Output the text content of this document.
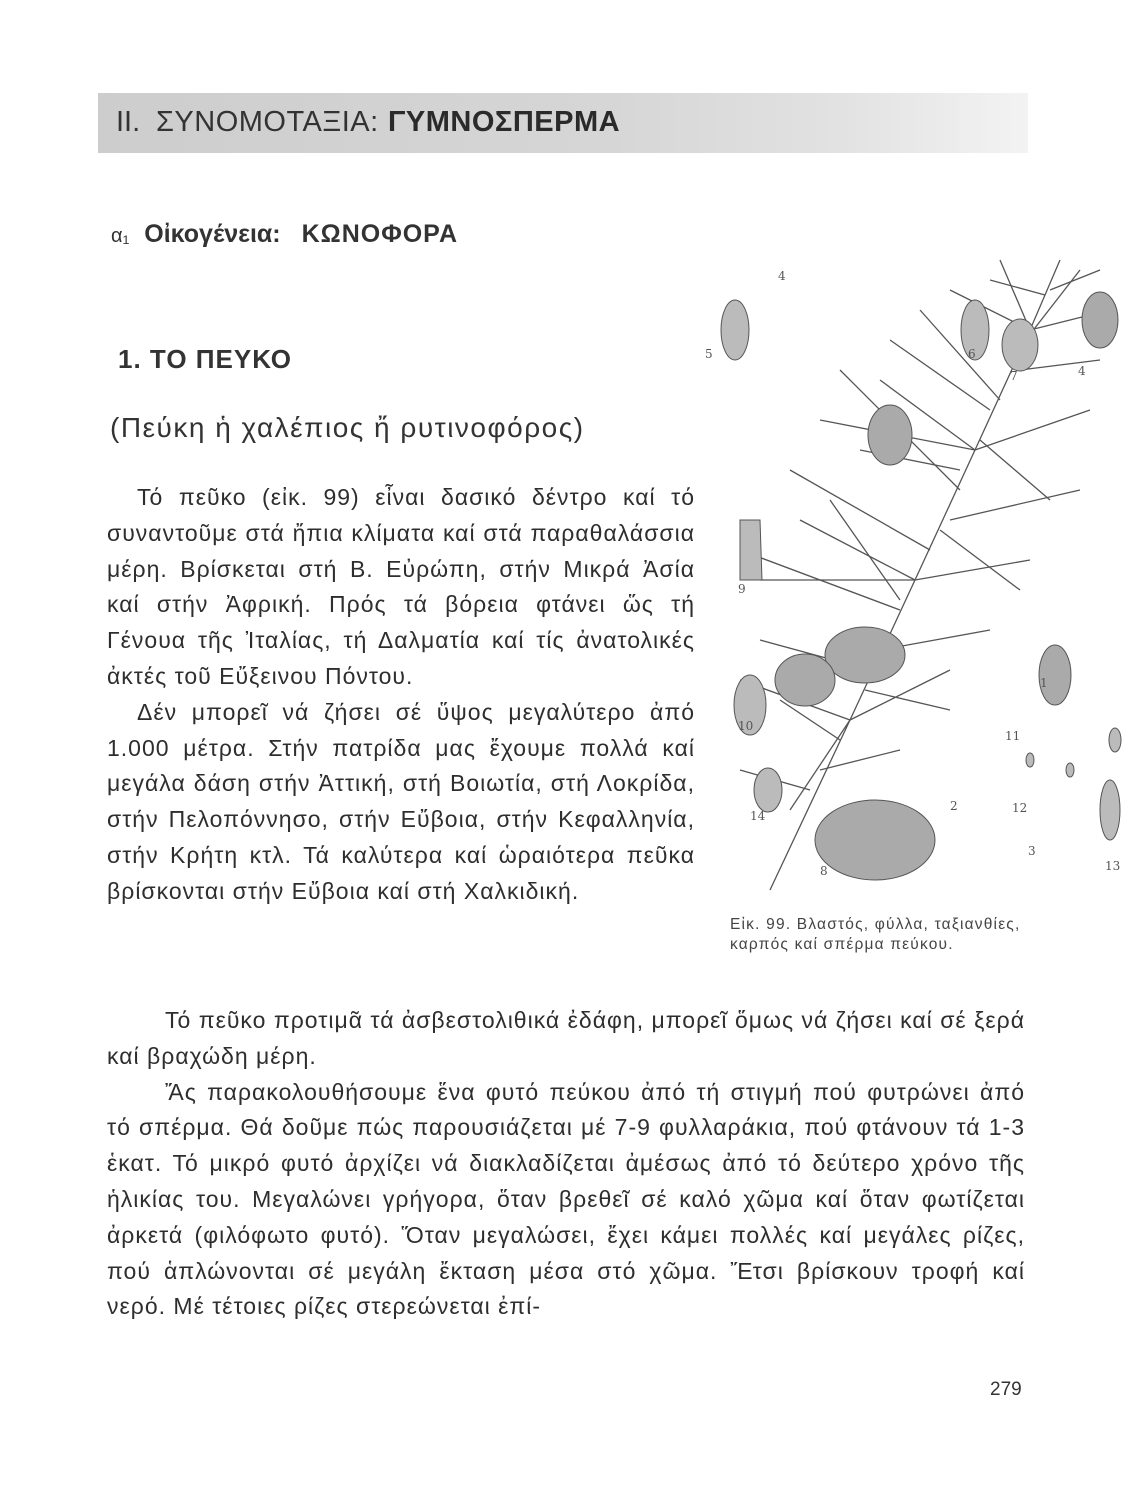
II. ΣΥΝΟΜΟΤΑΞΙΑ: ΓΥΜΝΟΣΠΕΡΜΑ
α₁ Οἰκογένεια: ΚΩΝΟΦΟΡΑ
1. ΤΟ ΠΕΥΚΟ
(Πεύκη ἡ χαλέπιος ἤ ρυτινοφόρος)

Τό πεῦκο (εἰκ. 99) εἶναι δασικό δέντρο καί τό συναντοῦμε στά ἤπια κλίματα καί στά παραθαλάσσια μέρη. Βρίσκεται στή Β. Εὐρώπη, στήν Μικρά Ἀσία καί στήν Ἀφρική. Πρός τά βόρεια φτάνει ὥς τή Γένουα τῆς Ἰταλίας, τή Δαλματία καί τίς ἀνατολικές ἀκτές τοῦ Εὔξεινου Πόντου.

Δέν μπορεῖ νά ζήσει σέ ὕψος μεγαλύτερο ἀπό 1.000 μέτρα. Στήν πατρίδα μας ἔχουμε πολλά καί μεγάλα δάση στήν Ἀττική, στή Βοιωτία, στή Λοκρίδα, στήν Πελοπόννησο, στήν Εὔβοια, στήν Κεφαλληνία, στήν Κρήτη κτλ. Τά καλύτερα καί ὡραιότερα πεῦκα βρίσκονται στήν Εὔβοια καί στή Χαλκιδική.

4
5	6
7	4
9
1
10
11
2	12
14
3
8	13
Εἰκ. 99. Βλαστός, φύλλα, ταξιανθίες, καρπός καί σπέρμα πεύκου.

Τό πεῦκο προτιμᾶ τά ἀσβεστολιθικά ἐδάφη, μπορεῖ ὅμως νά ζήσει καί σέ ξερά καί βραχώδη μέρη.

Ἄς παρακολουθήσουμε ἕνα φυτό πεύκου ἀπό τή στιγμή πού φυτρώνει ἀπό τό σπέρμα. Θά δοῦμε πώς παρουσιάζεται μέ 7-9 φυλλαράκια, πού φτάνουν τά 1-3 ἑκατ. Τό μικρό φυτό ἀρχίζει νά διακλαδίζεται ἀμέσως ἀπό τό δεύτερο χρόνο τῆς ἡλικίας του. Μεγαλώνει γρήγορα, ὅταν βρεθεῖ σέ καλό χῶμα καί ὅταν φωτίζεται ἀρκετά (φιλόφωτο φυτό). Ὅταν μεγαλώσει, ἔχει κάμει πολλές καί μεγάλες ρίζες, πού ἁπλώνονται σέ μεγάλη ἔκταση μέσα στό χῶμα. Ἔτσι βρίσκουν τροφή καί νερό. Μέ τέτοιες ρίζες στερεώνεται ἐπί-

279
